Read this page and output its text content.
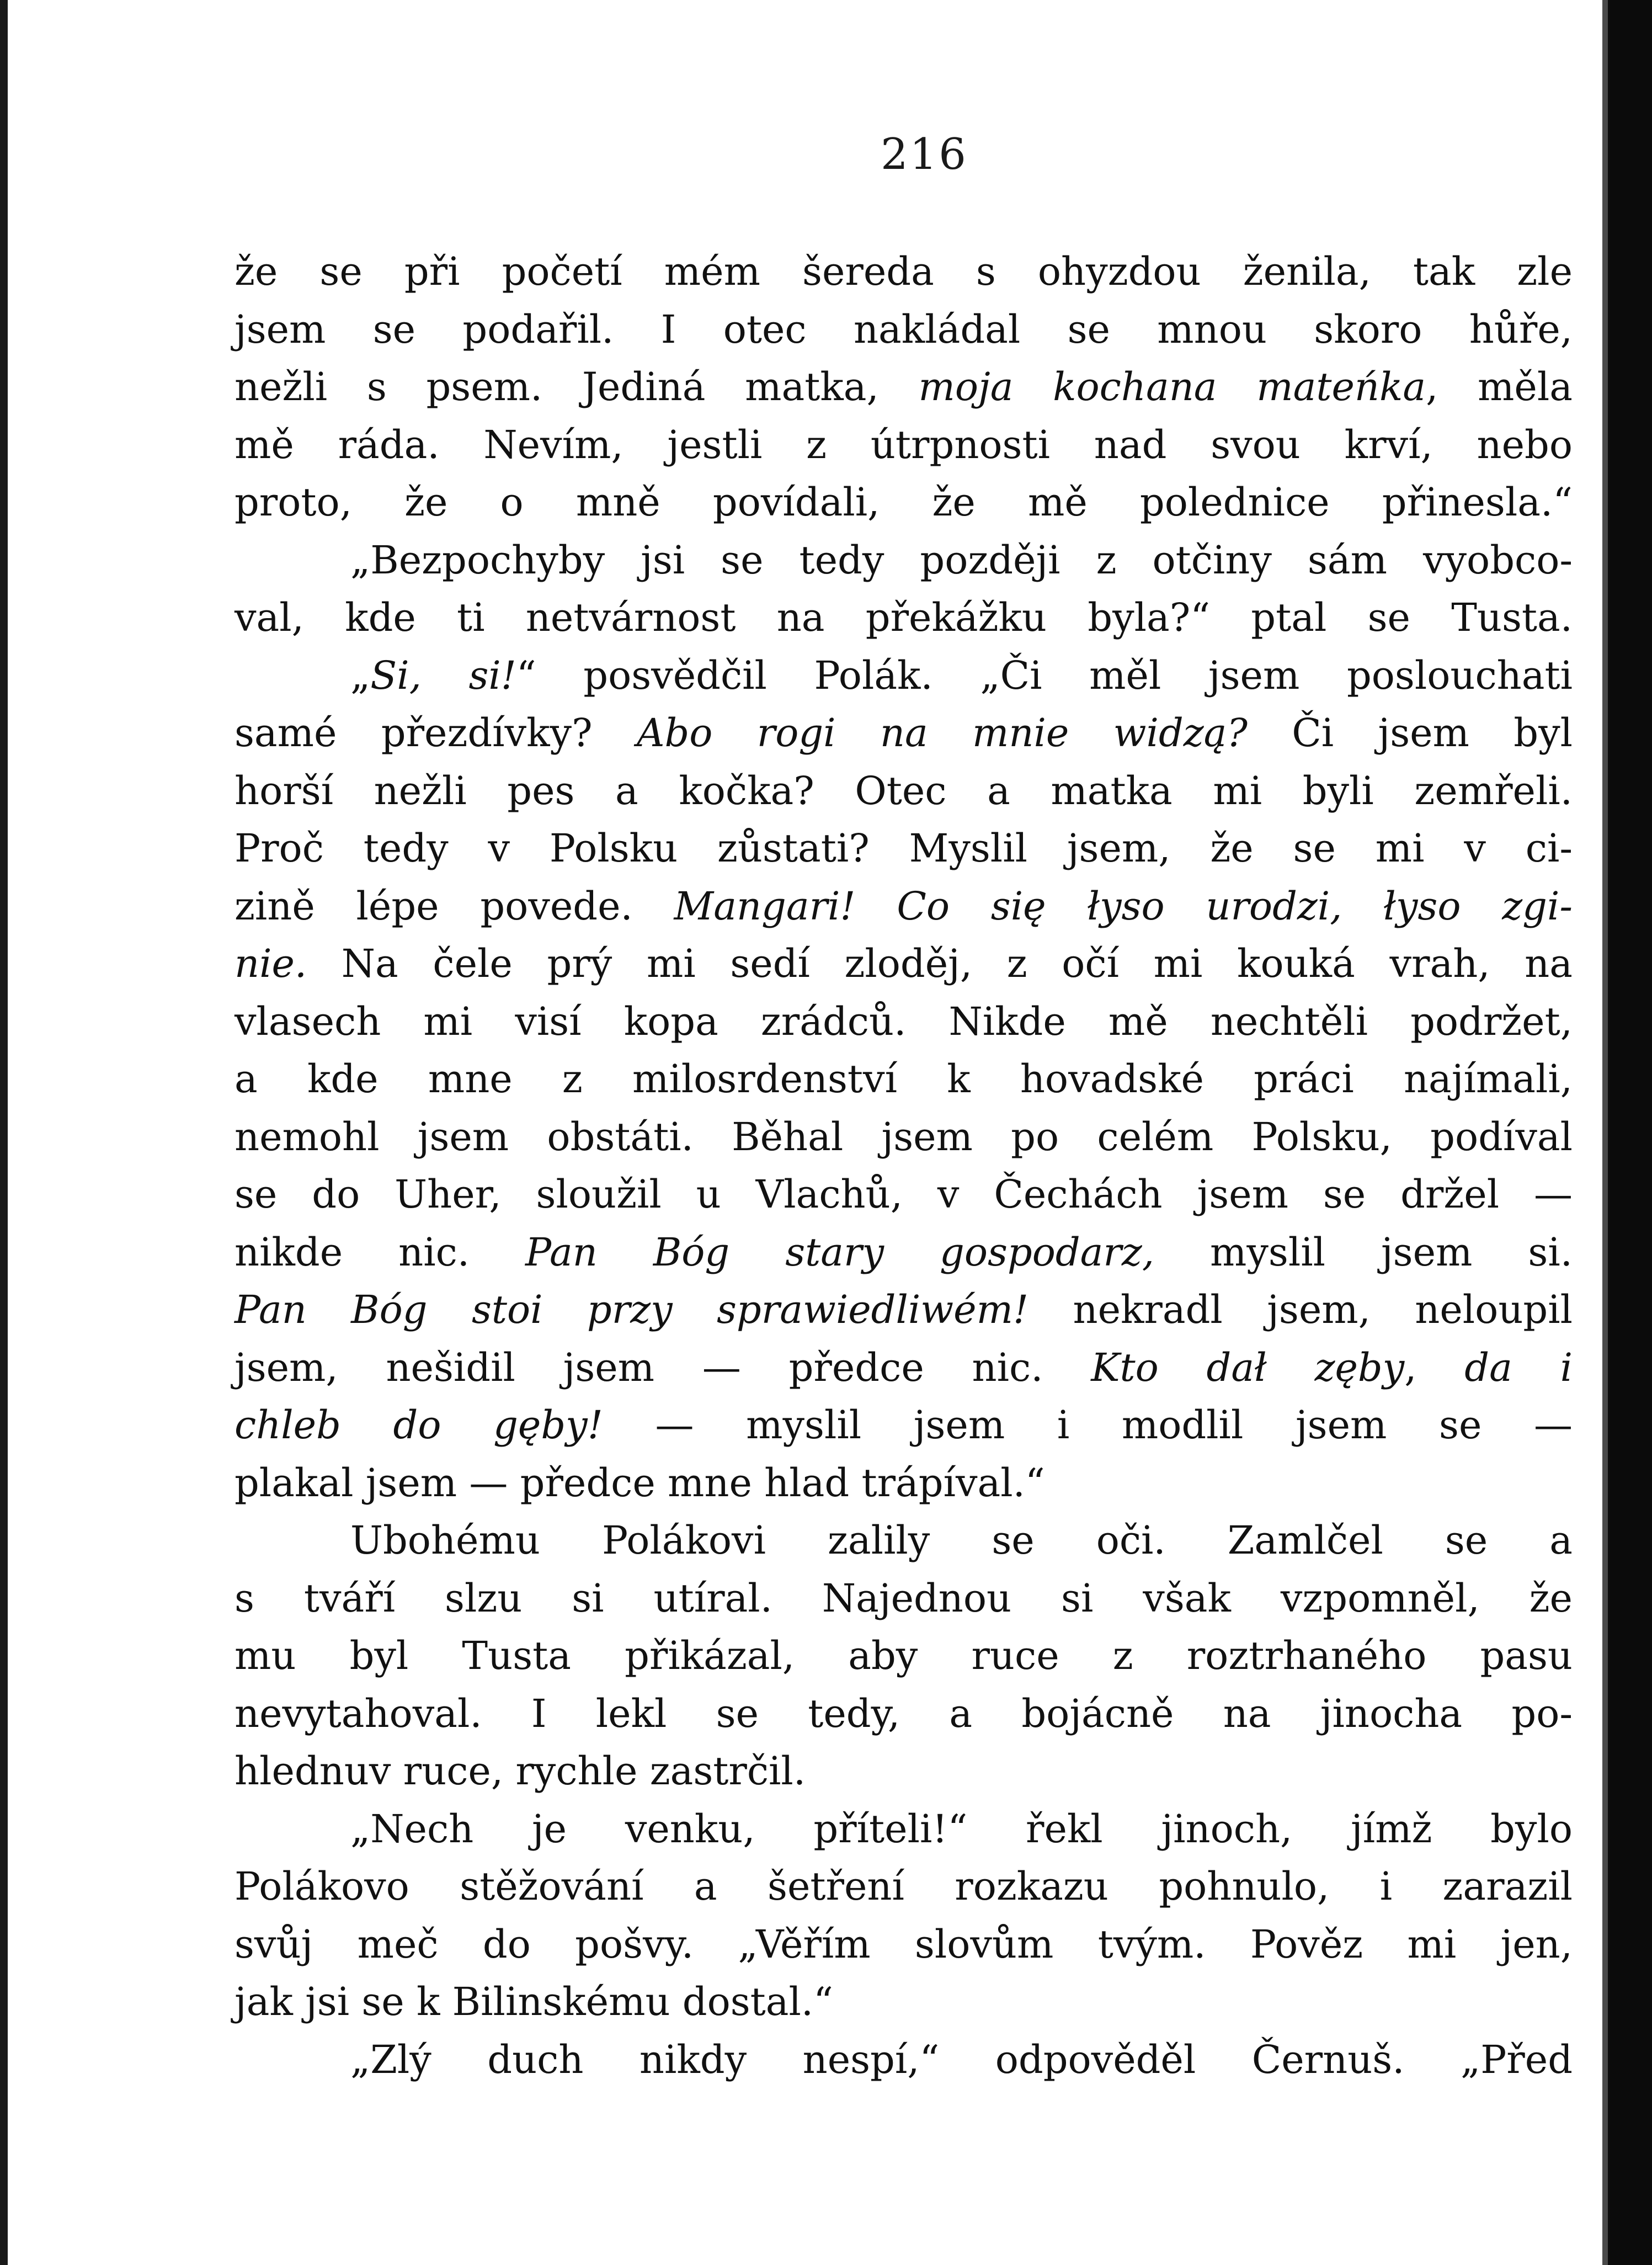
216
že se při početí mém šereda s ohyzdou ženila, tak zle
jsem se podařil. I otec nakládal se mnou skoro hůře,
nežli s psem. Jediná matka, moja kochana mateńka, měla
mě ráda. Nevím, jestli z útrpnosti nad svou krví, nebo
proto, že o mně povídali, že mě polednice přinesla.“
„Bezpochyby jsi se tedy později z otčiny sám vyobco-
val, kde ti netvárnost na překážku byla?“ ptal se Tusta.
„Si, si!“ posvědčil Polák. „Či měl jsem poslouchati
samé přezdívky? Abo rogi na mnie widzą? Či jsem byl
horší nežli pes a kočka? Otec a matka mi byli zemřeli.
Proč tedy v Polsku zůstati? Myslil jsem, že se mi v ci-
zině lépe povede. Mangari! Co się łyso urodzi, łyso zgi-
nie. Na čele prý mi sedí zloděj, z očí mi kouká vrah, na
vlasech mi visí kopa zrádců. Nikde mě nechtěli podržet,
a kde mne z milosrdenství k hovadské práci najímali,
nemohl jsem obstáti. Běhal jsem po celém Polsku, podíval
se do Uher, sloužil u Vlachů, v Čechách jsem se držel —
nikde nic. Pan Bóg stary gospodarz, myslil jsem si.
Pan Bóg stoi przy sprawiedliwém! nekradl jsem, neloupil
jsem, nešidil jsem — předce nic. Kto dał zęby, da i
chleb do gęby! — myslil jsem i modlil jsem se —
plakal jsem — předce mne hlad trápíval.“
Ubohému Polákovi zalily se oči. Zamlčel se a
s tváří slzu si utíral. Najednou si však vzpomněl, že
mu byl Tusta přikázal, aby ruce z roztrhaného pasu
nevytahoval. I lekl se tedy, a bojácně na jinocha po-
hlednuv ruce, rychle zastrčil.
„Nech je venku, příteli!“ řekl jinoch, jímž bylo
Polákovo stěžování a šetření rozkazu pohnulo, i zarazil
svůj meč do pošvy. „Věřím slovům tvým. Pověz mi jen,
jak jsi se k Bilinskému dostal.“
„Zlý duch nikdy nespí,“ odpověděl Černuš. „Před
